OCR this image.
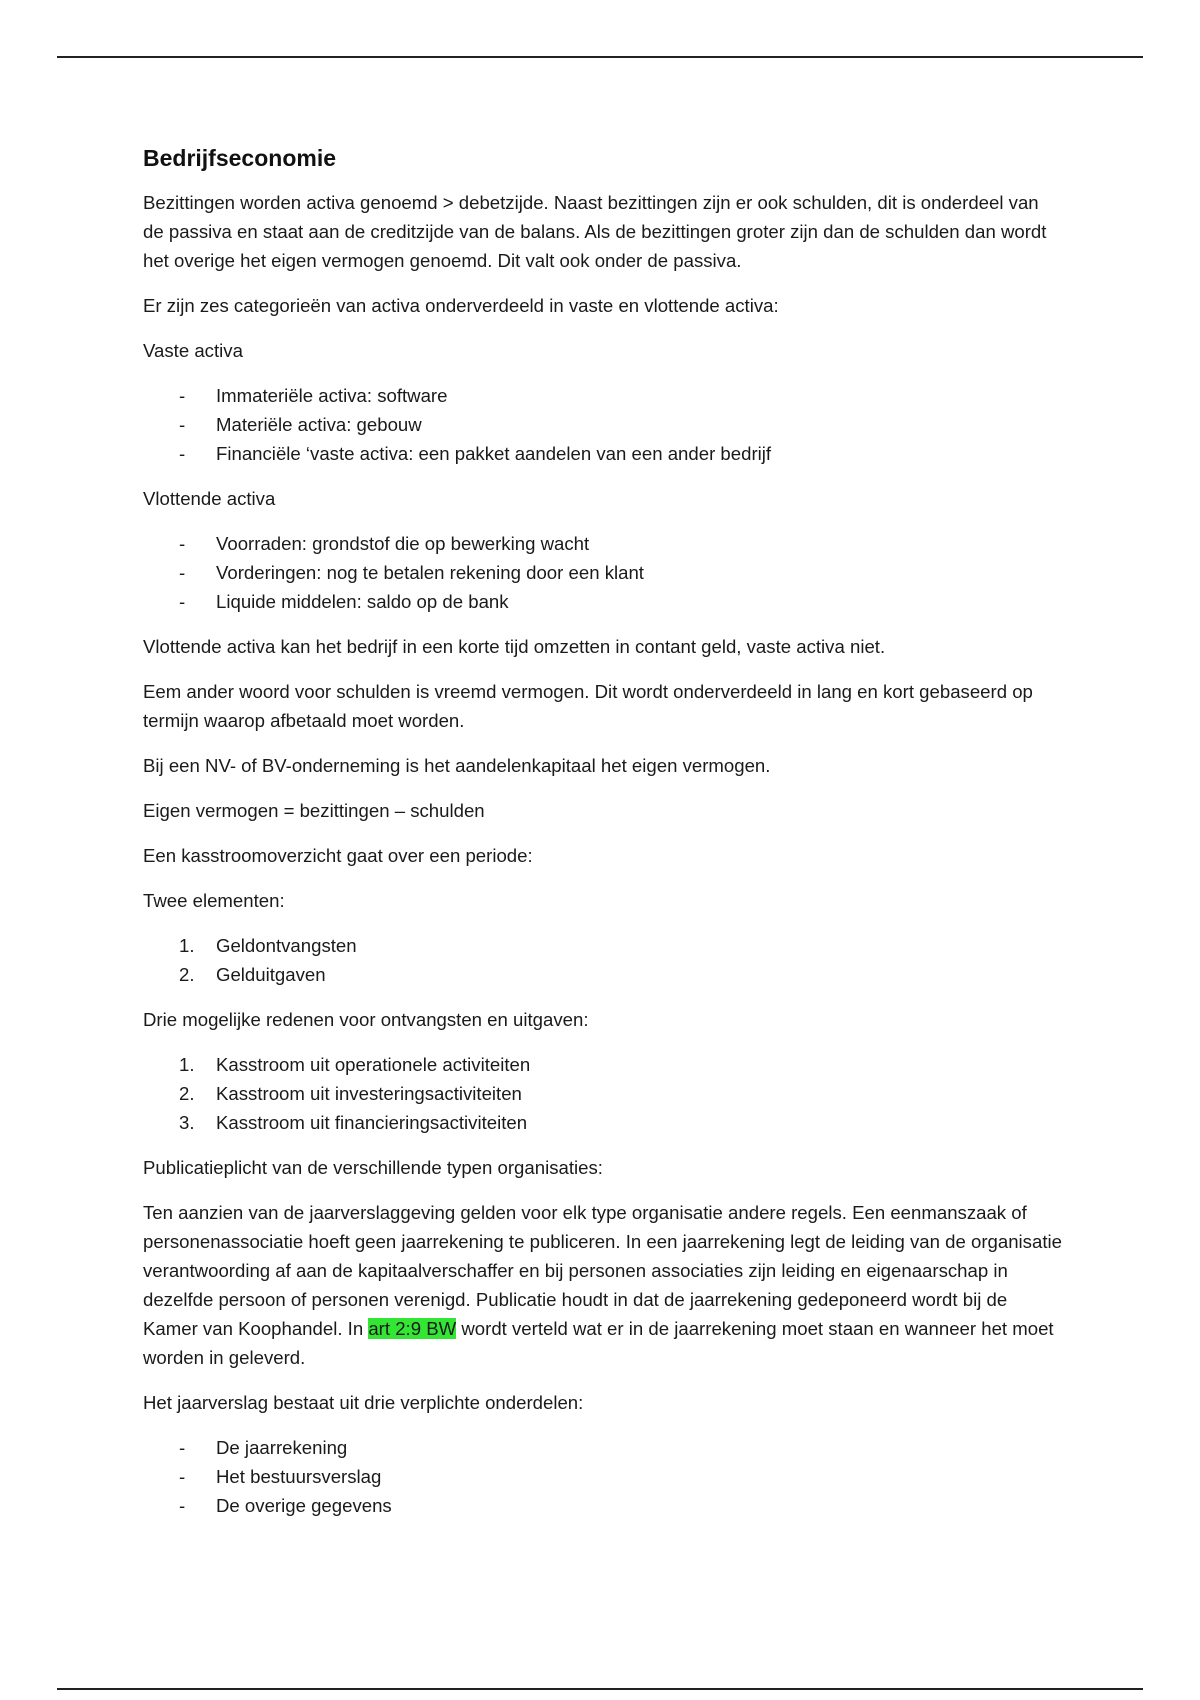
Bedrijfseconomie

Bezittingen worden activa genoemd > debetzijde. Naast bezittingen zijn er ook schulden, dit is onderdeel van de passiva en staat aan de creditzijde van de balans. Als de bezittingen groter zijn dan de schulden dan wordt het overige het eigen vermogen genoemd. Dit valt ook onder de passiva.

Er zijn zes categorieën van activa onderverdeeld in vaste en vlottende activa:

Vaste activa

-	Immateriële activa: software
-	Materiële activa: gebouw
-	Financiële ‘vaste activa: een pakket aandelen van een ander bedrijf

Vlottende activa

-	Voorraden: grondstof die op bewerking wacht
-	Vorderingen: nog te betalen rekening door een klant
-	Liquide middelen: saldo op de bank

Vlottende activa kan het bedrijf in een korte tijd omzetten in contant geld, vaste activa niet.

Eem ander woord voor schulden is vreemd vermogen. Dit wordt onderverdeeld in lang en kort gebaseerd op termijn waarop afbetaald moet worden.

Bij een NV- of BV-onderneming is het aandelenkapitaal het eigen vermogen.

Eigen vermogen = bezittingen – schulden

Een kasstroomoverzicht gaat over een periode:

Twee elementen:

1.	Geldontvangsten
2.	Gelduitgaven

Drie mogelijke redenen voor ontvangsten en uitgaven:

1.	Kasstroom uit operationele activiteiten
2.	Kasstroom uit investeringsactiviteiten
3.	Kasstroom uit financieringsactiviteiten

Publicatieplicht van de verschillende typen organisaties:

Ten aanzien van de jaarverslaggeving gelden voor elk type organisatie andere regels. Een eenmanszaak of personenassociatie hoeft geen jaarrekening te publiceren. In een jaarrekening legt de leiding van de organisatie verantwoording af aan de kapitaalverschaffer en bij personen associaties zijn leiding en eigenaarschap in dezelfde persoon of personen verenigd. Publicatie houdt in dat de jaarrekening gedeponeerd wordt bij de Kamer van Koophandel. In art 2:9 BW wordt verteld wat er in de jaarrekening moet staan en wanneer het moet worden in geleverd.

Het jaarverslag bestaat uit drie verplichte onderdelen:

-	De jaarrekening
-	Het bestuursverslag
-	De overige gegevens
